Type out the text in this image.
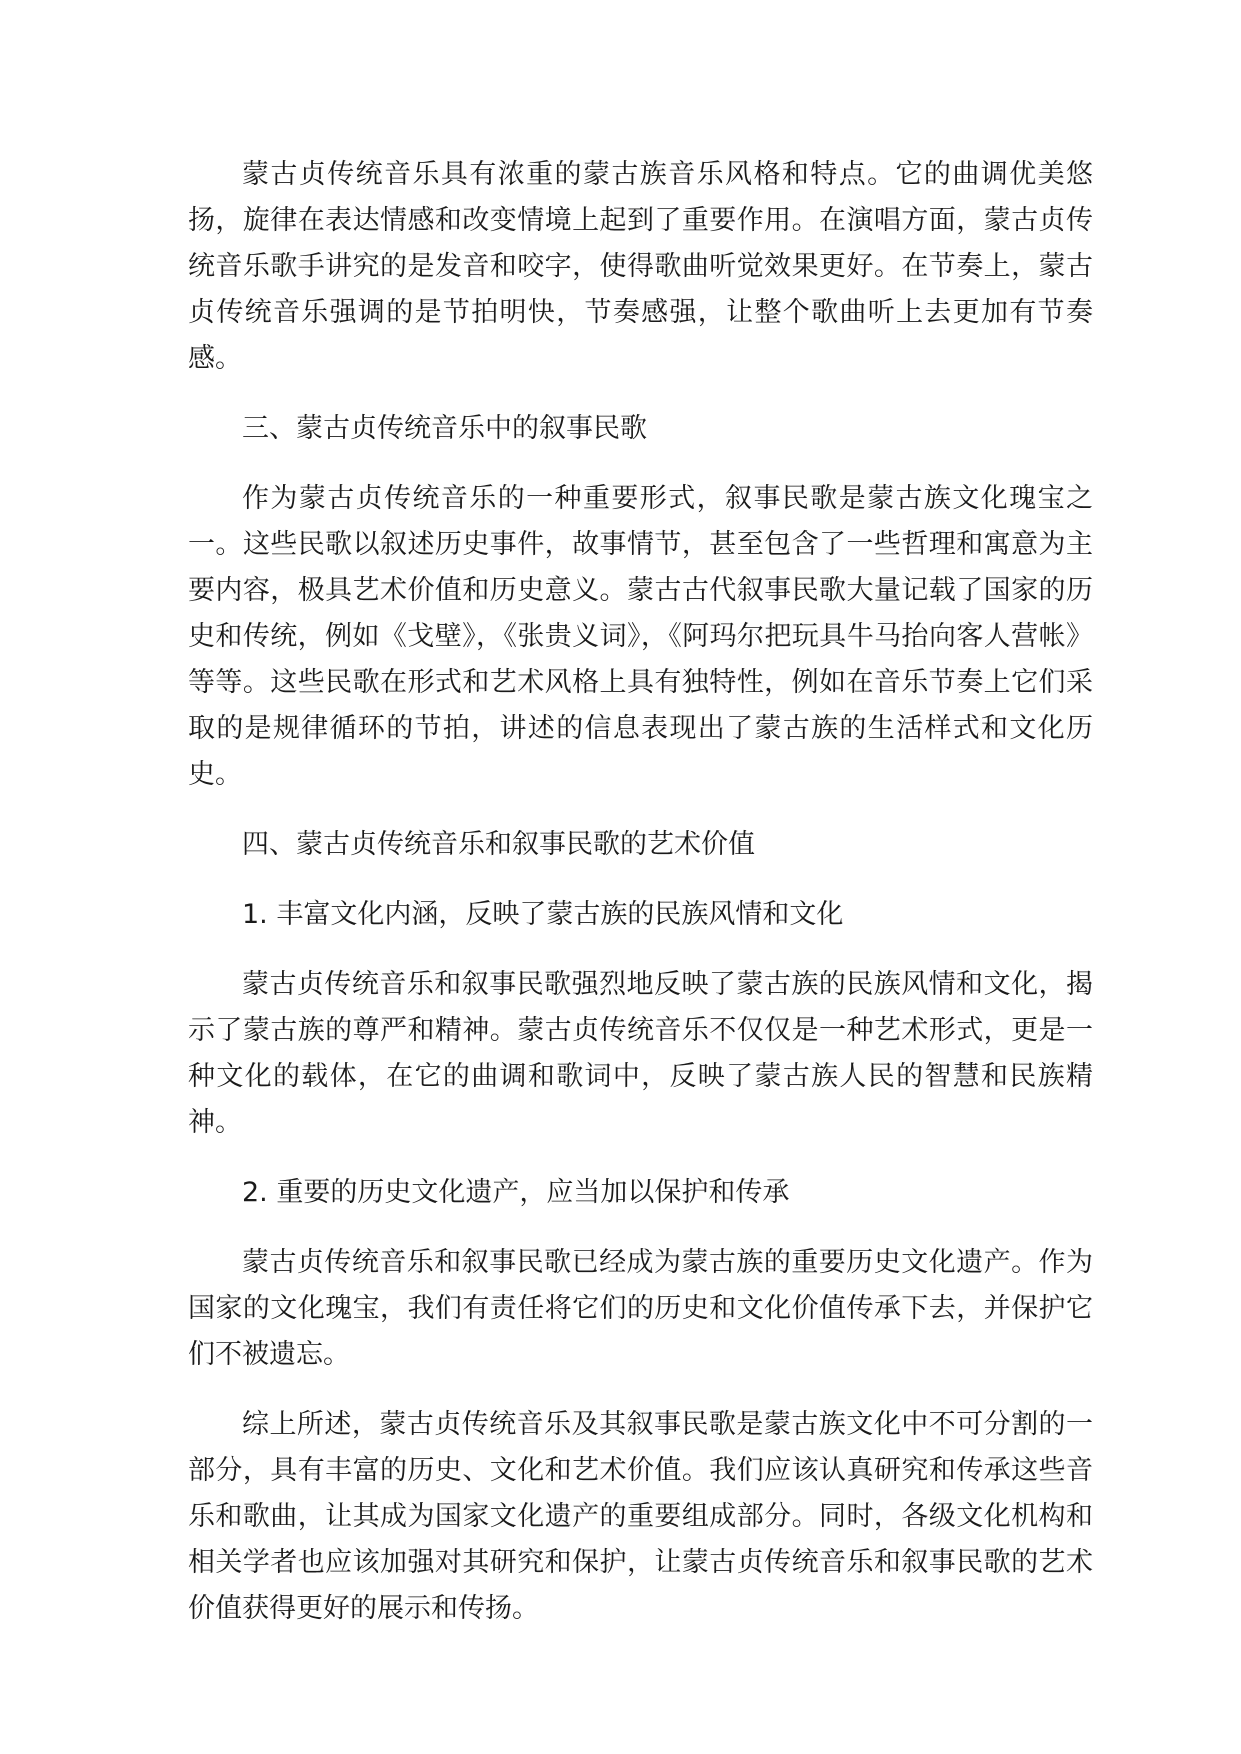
蒙古贞传统音乐具有浓重的蒙古族音乐风格和特点。它的曲调优美悠扬，旋律在表达情感和改变情境上起到了重要作用。在演唱方面，蒙古贞传统音乐歌手讲究的是发音和咬字，使得歌曲听觉效果更好。在节奏上，蒙古贞传统音乐强调的是节拍明快，节奏感强，让整个歌曲听上去更加有节奏感。

三、蒙古贞传统音乐中的叙事民歌

作为蒙古贞传统音乐的一种重要形式，叙事民歌是蒙古族文化瑰宝之一。这些民歌以叙述历史事件，故事情节，甚至包含了一些哲理和寓意为主要内容，极具艺术价值和历史意义。蒙古古代叙事民歌大量记载了国家的历史和传统，例如《戈壁》，《张贵义词》，《阿玛尔把玩具牛马抬向客人营帐》等等。这些民歌在形式和艺术风格上具有独特性，例如在音乐节奏上它们采取的是规律循环的节拍，讲述的信息表现出了蒙古族的生活样式和文化历史。

四、蒙古贞传统音乐和叙事民歌的艺术价值

1. 丰富文化内涵，反映了蒙古族的民族风情和文化

蒙古贞传统音乐和叙事民歌强烈地反映了蒙古族的民族风情和文化，揭示了蒙古族的尊严和精神。蒙古贞传统音乐不仅仅是一种艺术形式，更是一种文化的载体，在它的曲调和歌词中，反映了蒙古族人民的智慧和民族精神。

2. 重要的历史文化遗产，应当加以保护和传承

蒙古贞传统音乐和叙事民歌已经成为蒙古族的重要历史文化遗产。作为国家的文化瑰宝，我们有责任将它们的历史和文化价值传承下去，并保护它们不被遗忘。

综上所述，蒙古贞传统音乐及其叙事民歌是蒙古族文化中不可分割的一部分，具有丰富的历史、文化和艺术价值。我们应该认真研究和传承这些音乐和歌曲，让其成为国家文化遗产的重要组成部分。同时，各级文化机构和相关学者也应该加强对其研究和保护，让蒙古贞传统音乐和叙事民歌的艺术价值获得更好的展示和传扬。
